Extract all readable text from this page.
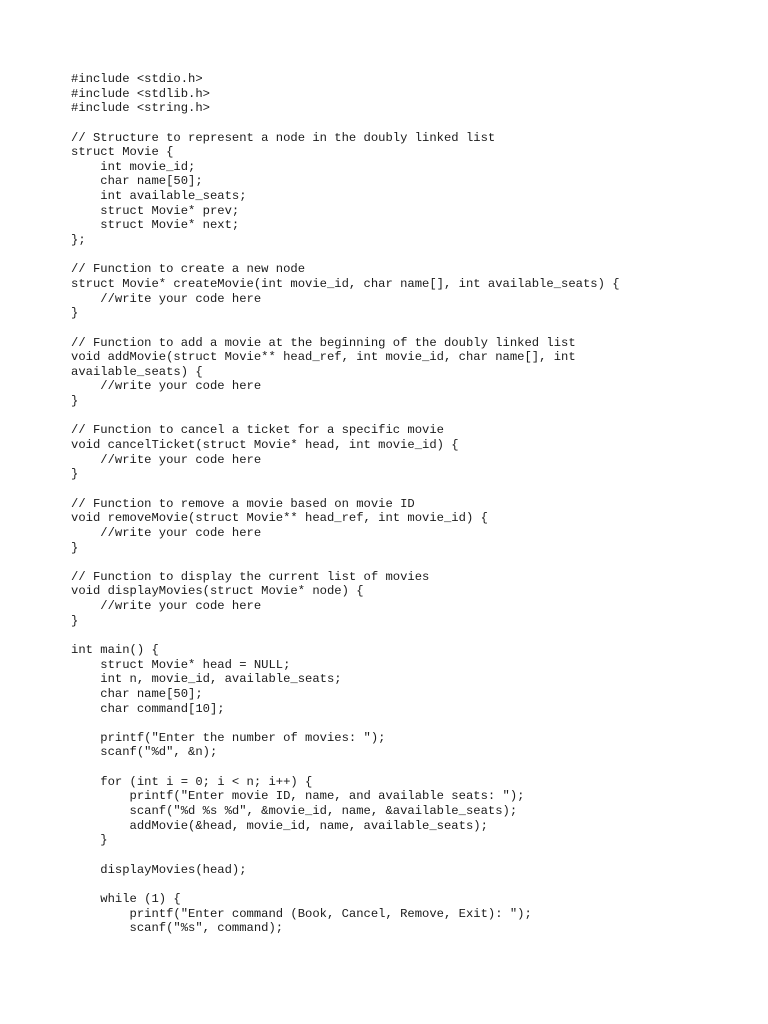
#include <stdio.h>
#include <stdlib.h>
#include <string.h>
// Structure to represent a node in the doubly linked list
struct Movie {
int movie_id;
char name[50];
int available_seats;
struct Movie* prev;
struct Movie* next;
};
// Function to create a new node
struct Movie* createMovie(int movie_id, char name[], int available_seats) {
//write your code here
}
// Function to add a movie at the beginning of the doubly linked list
void addMovie(struct Movie** head_ref, int movie_id, char name[], int
available_seats) {
//write your code here
}
// Function to cancel a ticket for a specific movie
void cancelTicket(struct Movie* head, int movie_id) {
//write your code here
}
// Function to remove a movie based on movie ID
void removeMovie(struct Movie** head_ref, int movie_id) {
//write your code here
}
// Function to display the current list of movies
void displayMovies(struct Movie* node) {
//write your code here
}
int main() {
struct Movie* head = NULL;
int n, movie_id, available_seats;
char name[50];
char command[10];
printf("Enter the number of movies: ");
scanf("%d", &n);
for (int i = 0; i < n; i++) {
printf("Enter movie ID, name, and available seats: ");
scanf("%d %s %d", &movie_id, name, &available_seats);
addMovie(&head, movie_id, name, available_seats);
}
displayMovies(head);
while (1) {
printf("Enter command (Book, Cancel, Remove, Exit): ");
scanf("%s", command);
